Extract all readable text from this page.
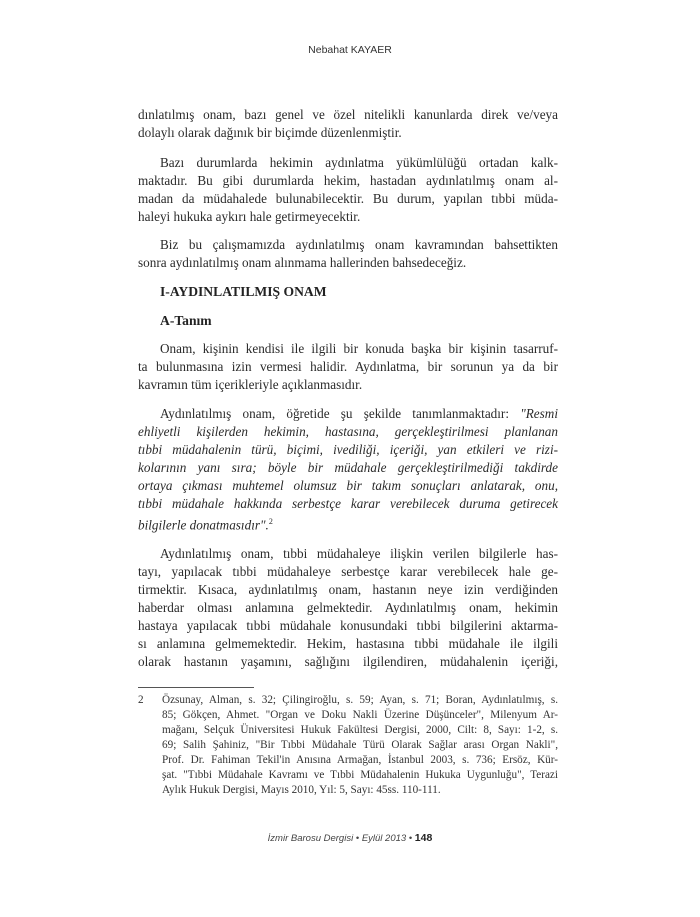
Nebahat KAYAER
dınlatılmış onam, bazı genel ve özel nitelikli kanunlarda direk ve/veya
dolaylı olarak dağınık bir biçimde düzenlenmiştir.
Bazı durumlarda hekimin aydınlatma yükümlülüğü ortadan kalk-
maktadır. Bu gibi durumlarda hekim, hastadan aydınlatılmış onam al-
madan da müdahalede bulunabilecektir. Bu durum, yapılan tıbbi müda-
haleyi hukuka aykırı hale getirmeyecektir.
Biz bu çalışmamızda aydınlatılmış onam kavramından bahsettikten
sonra aydınlatılmış onam alınmama hallerinden bahsedeceğiz.
I-AYDINLATILMIŞ ONAM
A-Tanım
Onam, kişinin kendisi ile ilgili bir konuda başka bir kişinin tasarruf-
ta bulunmasına izin vermesi halidir. Aydınlatma, bir sorunun ya da bir
kavramın tüm içerikleriyle açıklanmasıdır.
Aydınlatılmış onam, öğretide şu şekilde tanımlanmaktadır: "Resmi
ehliyetli kişilerden hekimin, hastasına, gerçekleştirilmesi planlanan
tıbbi müdahalenin türü, biçimi, ivediliği, içeriği, yan etkileri ve rizi-
kolarının yanı sıra; böyle bir müdahale gerçekleştirilmediği takdirde
ortaya çıkması muhtemel olumsuz bir takım sonuçları anlatarak, onu,
tıbbi müdahale hakkında serbestçe karar verebilecek duruma getirecek
bilgilerle donatmasıdır".$^2$
Aydınlatılmış onam, tıbbi müdahaleye ilişkin verilen bilgilerle has-
tayı, yapılacak tıbbi müdahaleye serbestçe karar verebilecek hale ge-
tirmektir. Kısaca, aydınlatılmış onam, hastanın neye izin verdiğinden
haberdar olması anlamına gelmektedir. Aydınlatılmış onam, hekimin
hastaya yapılacak tıbbi müdahale konusundaki tıbbi bilgilerini aktarma-
sı anlamına gelmemektedir. Hekim, hastasına tıbbi müdahale ile ilgili
olarak hastanın yaşamını, sağlığını ilgilendiren, müdahalenin içeriği,
2 Özsunay, Alman, s. 32; Çilingiroğlu, s. 59; Ayan, s. 71; Boran, Aydınlatılmış, s.
85; Gökçen, Ahmet. "Organ ve Doku Nakli Üzerine Düşünceler", Milenyum Ar-
mağanı, Selçuk Üniversitesi Hukuk Fakültesi Dergisi, 2000, Cilt: 8, Sayı: 1-2, s.
69; Salih Şahiniz, "Bir Tıbbi Müdahale Türü Olarak Sağlar arası Organ Nakli",
Prof. Dr. Fahiman Tekil'in Anısına Armağan, İstanbul 2003, s. 736; Ersöz, Kür-
şat. "Tıbbi Müdahale Kavramı ve Tıbbi Müdahalenin Hukuka Uygunluğu", Terazi
Aylık Hukuk Dergisi, Mayıs 2010, Yıl: 5, Sayı: 45ss. 110-111.
İzmir Barosu Dergisi • Eylül 2013 • 148
